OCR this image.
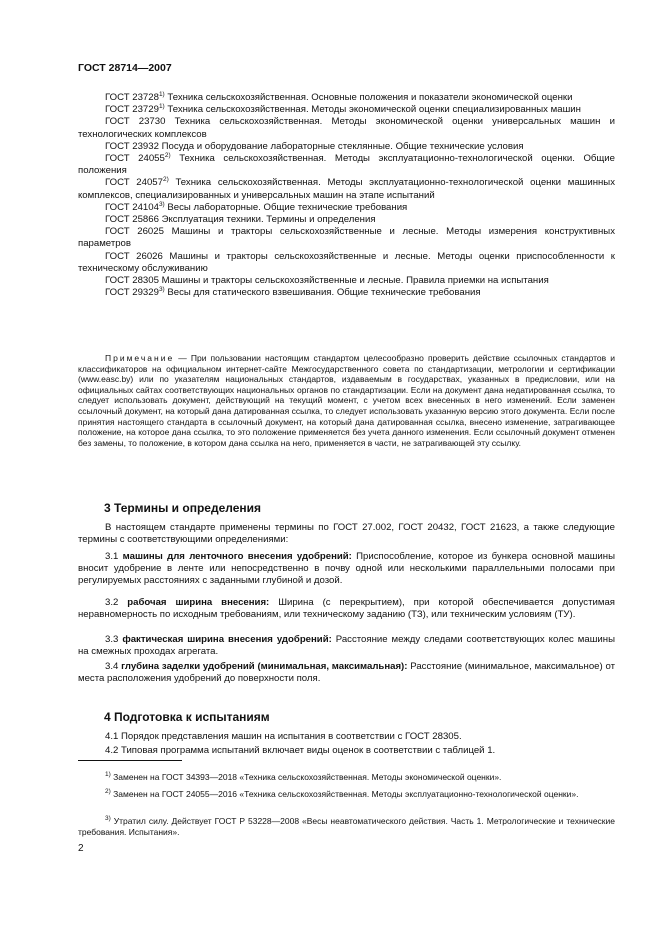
ГОСТ 28714—2007
ГОСТ 23728$^{1)}$ Техника сельскохозяйственная. Основные положения и показатели экономической оценки
ГОСТ 23729$^{1)}$ Техника сельскохозяйственная. Методы экономической оценки специализированных машин
ГОСТ 23730 Техника сельскохозяйственная. Методы экономической оценки универсальных машин и технологических комплексов
ГОСТ 23932 Посуда и оборудование лабораторные стеклянные. Общие технические условия
ГОСТ 24055$^{2)}$ Техника сельскохозяйственная. Методы эксплуатационно-технологической оценки. Общие положения
ГОСТ 24057$^{2)}$ Техника сельскохозяйственная. Методы эксплуатационно-технологической оценки машинных комплексов, специализированных и универсальных машин на этапе испытаний
ГОСТ 24104$^{3)}$ Весы лабораторные. Общие технические требования
ГОСТ 25866 Эксплуатация техники. Термины и определения
ГОСТ 26025 Машины и тракторы сельскохозяйственные и лесные. Методы измерения конструктивных параметров
ГОСТ 26026 Машины и тракторы сельскохозяйственные и лесные. Методы оценки приспособленности к техническому обслуживанию
ГОСТ 28305 Машины и тракторы сельскохозяйственные и лесные. Правила приемки на испытания
ГОСТ 29329$^{3)}$ Весы для статического взвешивания. Общие технические требования
Примечание — При пользовании настоящим стандартом целесообразно проверить действие ссылочных стандартов и классификаторов на официальном интернет-сайте Межгосударственного совета по стандартизации, метрологии и сертификации (www.easc.by) или по указателям национальных стандартов, издаваемым в государствах, указанных в предисловии, или на официальных сайтах соответствующих национальных органов по стандартизации. Если на документ дана недатированная ссылка, то следует использовать документ, действующий на текущий момент, с учетом всех внесенных в него изменений. Если заменен ссылочный документ, на который дана датированная ссылка, то следует использовать указанную версию этого документа. Если после принятия настоящего стандарта в ссылочный документ, на который дана датированная ссылка, внесено изменение, затрагивающее положение, на которое дана ссылка, то это положение применяется без учета данного изменения. Если ссылочный документ отменен без замены, то положение, в котором дана ссылка на него, применяется в части, не затрагивающей эту ссылку.
3 Термины и определения
В настоящем стандарте применены термины по ГОСТ 27.002, ГОСТ 20432, ГОСТ 21623, а также следующие термины с соответствующими определениями:
3.1 машины для ленточного внесения удобрений: Приспособление, которое из бункера основной машины вносит удобрение в ленте или непосредственно в почву одной или несколькими параллельными полосами при регулируемых расстояниях с заданными глубиной и дозой.
3.2 рабочая ширина внесения: Ширина (с перекрытием), при которой обеспечивается допустимая неравномерность по исходным требованиям, или техническому заданию (ТЗ), или техническим условиям (ТУ).
3.3 фактическая ширина внесения удобрений: Расстояние между следами соответствующих колес машины на смежных проходах агрегата.
3.4 глубина заделки удобрений (минимальная, максимальная): Расстояние (минимальное, максимальное) от места расположения удобрений до поверхности поля.
4 Подготовка к испытаниям
4.1 Порядок представления машин на испытания в соответствии с ГОСТ 28305.
4.2 Типовая программа испытаний включает виды оценок в соответствии с таблицей 1.
$^{1)}$ Заменен на ГОСТ 34393—2018 «Техника сельскохозяйственная. Методы экономической оценки».
$^{2)}$ Заменен на ГОСТ 24055—2016 «Техника сельскохозяйственная. Методы эксплуатационно-технологической оценки».
$^{3)}$ Утратил силу. Действует ГОСТ Р 53228—2008 «Весы неавтоматического действия. Часть 1. Метрологические и технические требования. Испытания».
2
